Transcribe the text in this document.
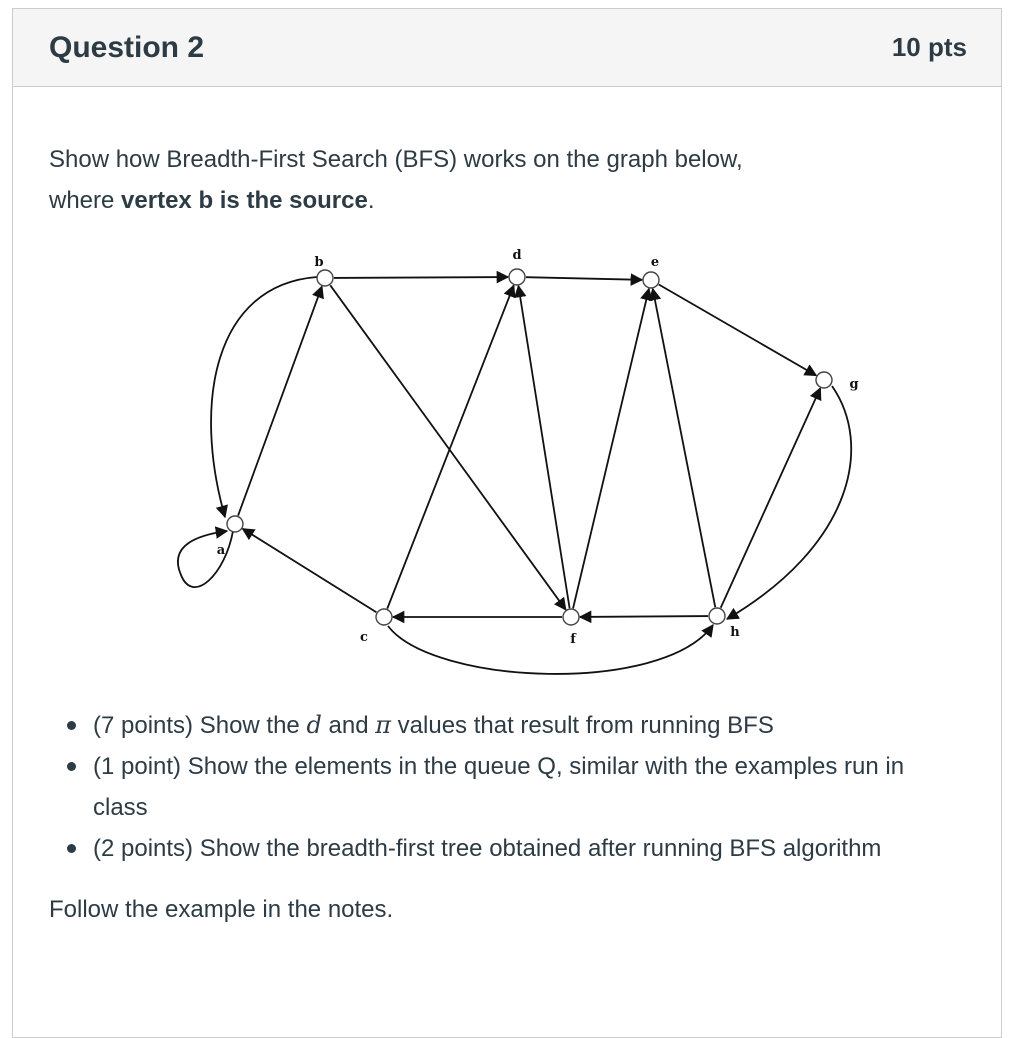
Question 2	10 pts

Show how Breadth-First Search (BFS) works on the graph below,
where vertex b is the source.

a
b
c
d	e
f
g
h
(7 points) Show the d and π values that result from running BFS
(1 point) Show the elements in the queue Q, similar with the examples run in class
(2 points) Show the breadth-first tree obtained after running BFS algorithm

Follow the example in the notes.
